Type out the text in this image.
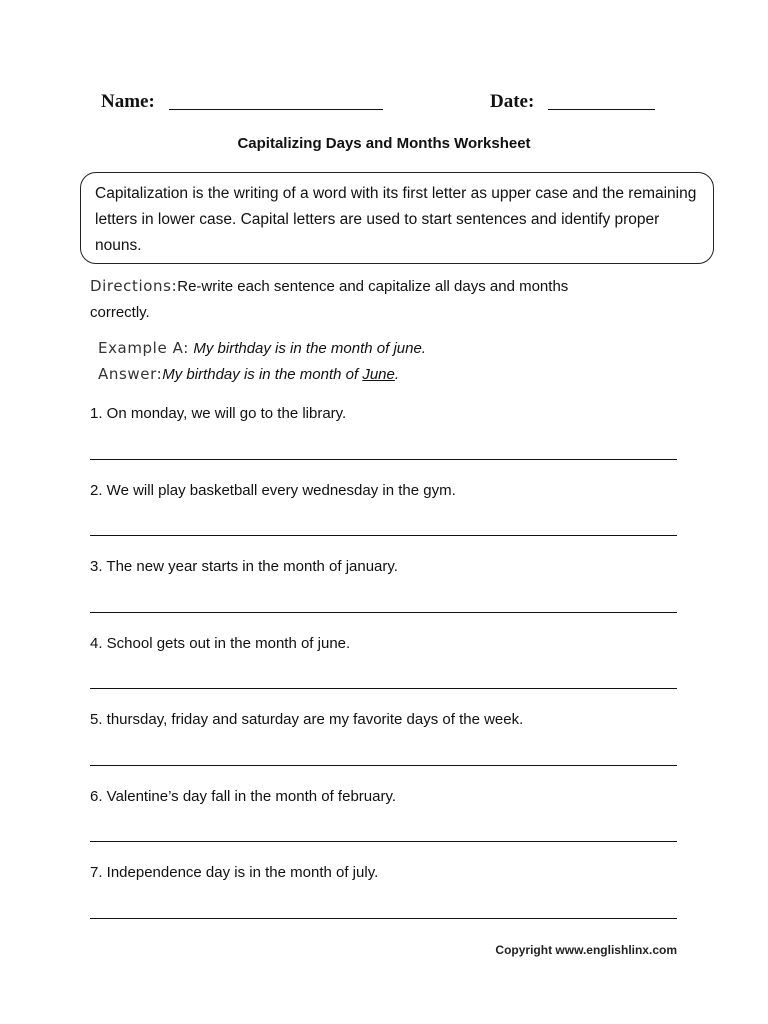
Name:	Date:
Capitalizing Days and Months Worksheet
Capitalization is the writing of a word with its first letter as upper case and the remaining letters in lower case. Capital letters are used to start sentences and identify proper nouns.
Directions:Re-write each sentence and capitalize all days and months
correctly.
Example A: My birthday is in the month of june.
Answer:My birthday is in the month of June.
1. On monday, we will go to the library.
2. We will play basketball every wednesday in the gym.
3. The new year starts in the month of january.
4. School gets out in the month of june.
5. thursday, friday and saturday are my favorite days of the week.
6. Valentine’s day fall in the month of february.
7. Independence day is in the month of july.
Copyright www.englishlinx.com
